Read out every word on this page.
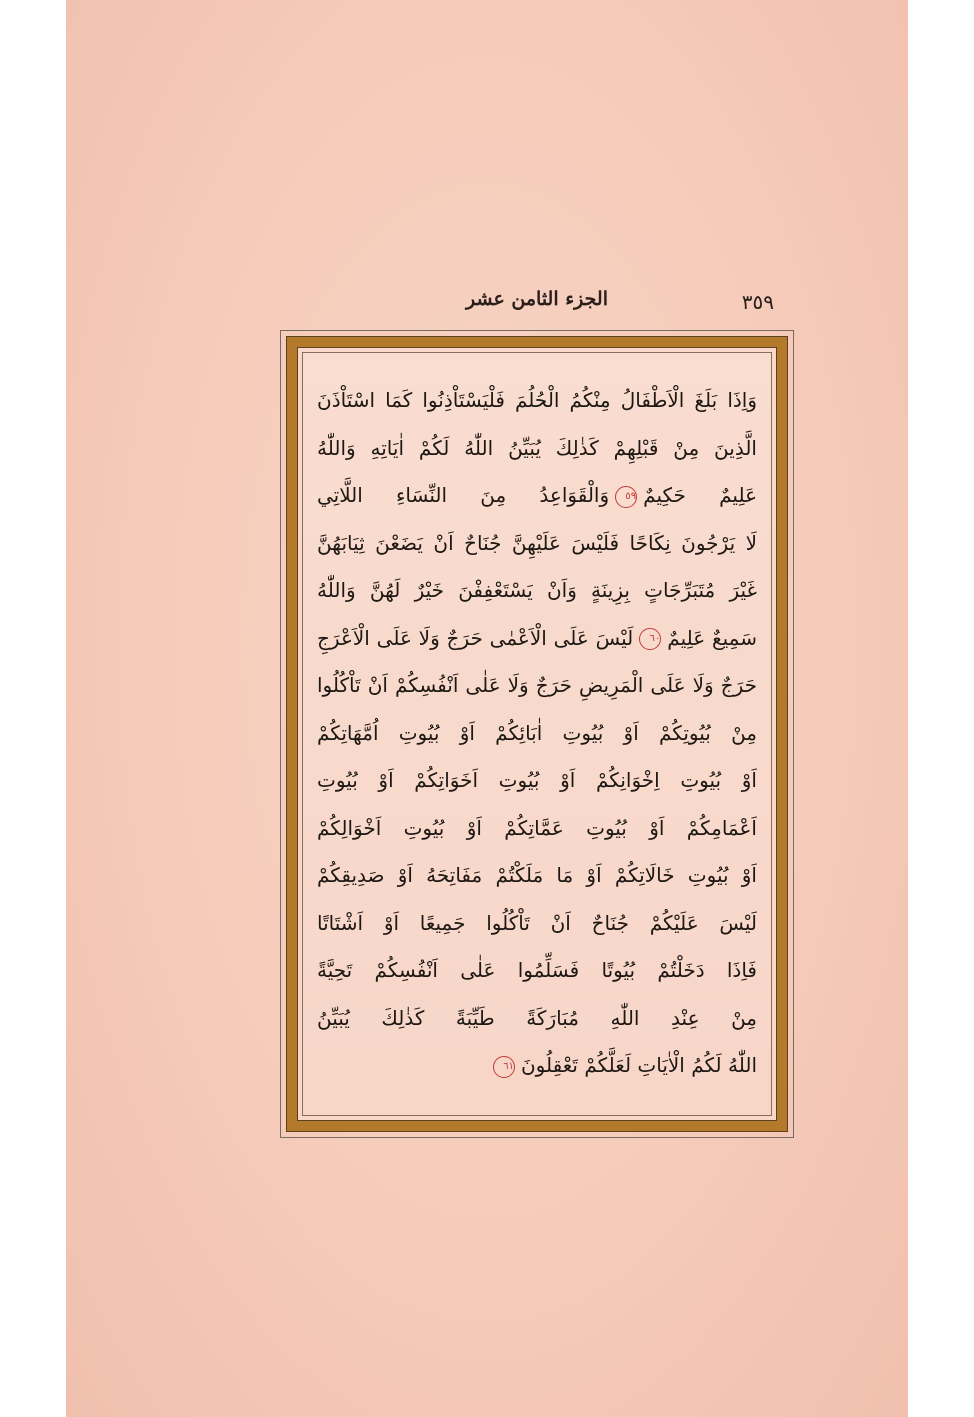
الجزء الثامن عشر	٣٥٩
وَاِذَا بَلَغَ الْاَطْفَالُ مِنْكُمُ الْحُلُمَ فَلْيَسْتَاْذِنُوا كَمَا اسْتَاْذَنَ
الَّذِينَ مِنْ قَبْلِهِمْ كَذٰلِكَ يُبَيِّنُ اللّٰهُ لَكُمْ اٰيَاتِهِ وَاللّٰهُ
عَلِيمٌ حَكِيمٌ٥٩وَالْقَوَاعِدُ مِنَ النِّسَاءِ اللَّاتِي
لَا يَرْجُونَ نِكَاحًا فَلَيْسَ عَلَيْهِنَّ جُنَاحٌ اَنْ يَضَعْنَ ثِيَابَهُنَّ
غَيْرَ مُتَبَرِّجَاتٍ بِزِينَةٍ وَاَنْ يَسْتَعْفِفْنَ خَيْرٌ لَهُنَّ وَاللّٰهُ
سَمِيعٌ عَلِيمٌ٦٠لَيْسَ عَلَى الْاَعْمٰى حَرَجٌ وَلَا عَلَى الْاَعْرَجِ
حَرَجٌ وَلَا عَلَى الْمَرِيضِ حَرَجٌ وَلَا عَلٰى اَنْفُسِكُمْ اَنْ تَاْكُلُوا
مِنْ بُيُوتِكُمْ اَوْ بُيُوتِ اٰبَائِكُمْ اَوْ بُيُوتِ اُمَّهَاتِكُمْ
اَوْ بُيُوتِ اِخْوَانِكُمْ اَوْ بُيُوتِ اَخَوَاتِكُمْ اَوْ بُيُوتِ
اَعْمَامِكُمْ اَوْ بُيُوتِ عَمَّاتِكُمْ اَوْ بُيُوتِ اَخْوَالِكُمْ
اَوْ بُيُوتِ خَالَاتِكُمْ اَوْ مَا مَلَكْتُمْ مَفَاتِحَهُ اَوْ صَدِيقِكُمْ
لَيْسَ عَلَيْكُمْ جُنَاحٌ اَنْ تَاْكُلُوا جَمِيعًا اَوْ اَشْتَاتًا
فَاِذَا دَخَلْتُمْ بُيُوتًا فَسَلِّمُوا عَلٰى اَنْفُسِكُمْ تَحِيَّةً
مِنْ عِنْدِ اللّٰهِ مُبَارَكَةً طَيِّبَةً كَذٰلِكَ يُبَيِّنُ
اللّٰهُ لَكُمُ الْاٰيَاتِ لَعَلَّكُمْ تَعْقِلُونَ٦١
